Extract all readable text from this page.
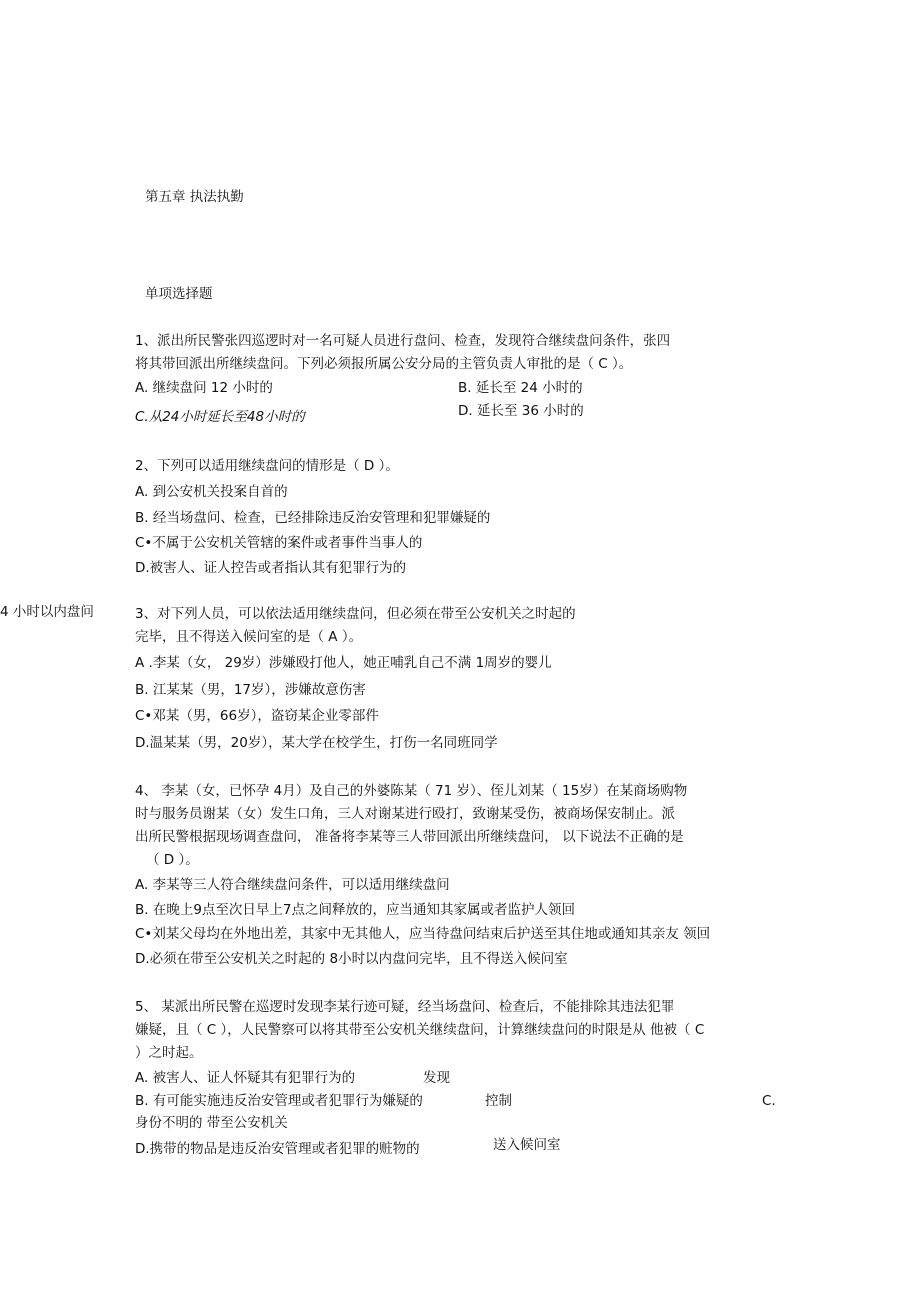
第五章 执法执勤
单项选择题
1、派出所民警张四巡逻时对一名可疑人员进行盘问、检查，发现符合继续盘问条件，张四
将其带回派出所继续盘问。下列必须报所属公安分局的主管负责人审批的是（ C ）。
A. 继续盘问 12 小时的	B. 延长至 24 小时的
C.从24小时延长至48小时的	D. 延长至 36 小时的
2、下列可以适用继续盘问的情形是（ D ）。
A. 到公安机关投案自首的
B. 经当场盘问、检查，已经排除违反治安管理和犯罪嫌疑的
C•不属于公安机关管辖的案件或者事件当事人的
D.被害人、证人控告或者指认其有犯罪行为的
4 小时以内盘问	3、对下列人员，可以依法适用继续盘问，但必须在带至公安机关之时起的
完毕，且不得送入候问室的是（ A ）。
A .李某（女， 29岁）涉嫌殴打他人，她正哺乳自己不满 1周岁的婴儿
B. 江某某（男，17岁），涉嫌故意伤害
C•邓某（男，66岁），盗窃某企业零部件
D.温某某（男，20岁），某大学在校学生，打伤一名同班同学
4、 李某（女，已怀孕 4月）及自己的外婆陈某（ 71 岁）、侄儿刘某（ 15岁）在某商场购物
时与服务员谢某（女）发生口角，三人对谢某进行殴打，致谢某受伤，被商场保安制止。派
出所民警根据现场调查盘问， 准备将李某等三人带回派出所继续盘问， 以下说法不正确的是
（ D ）。
A. 李某等三人符合继续盘问条件，可以适用继续盘问
B. 在晚上9点至次日早上7点之间释放的，应当通知其家属或者监护人领回
C•刘某父母均在外地出差，其家中无其他人，应当待盘问结束后护送至其住地或通知其亲友 领回
D.必须在带至公安机关之时起的 8小时以内盘问完毕，且不得送入候问室
5、 某派出所民警在巡逻时发现李某行迹可疑，经当场盘问、检查后，不能排除其违法犯罪
嫌疑，且（ C ），人民警察可以将其带至公安机关继续盘问，计算继续盘问的时限是从 他被（ C
）之时起。
A. 被害人、证人怀疑其有犯罪行为的	发现
B. 有可能实施违反治安管理或者犯罪行为嫌疑的	控制	C.
身份不明的 带至公安机关
D.携带的物品是违反治安管理或者犯罪的赃物的	送入候问室
